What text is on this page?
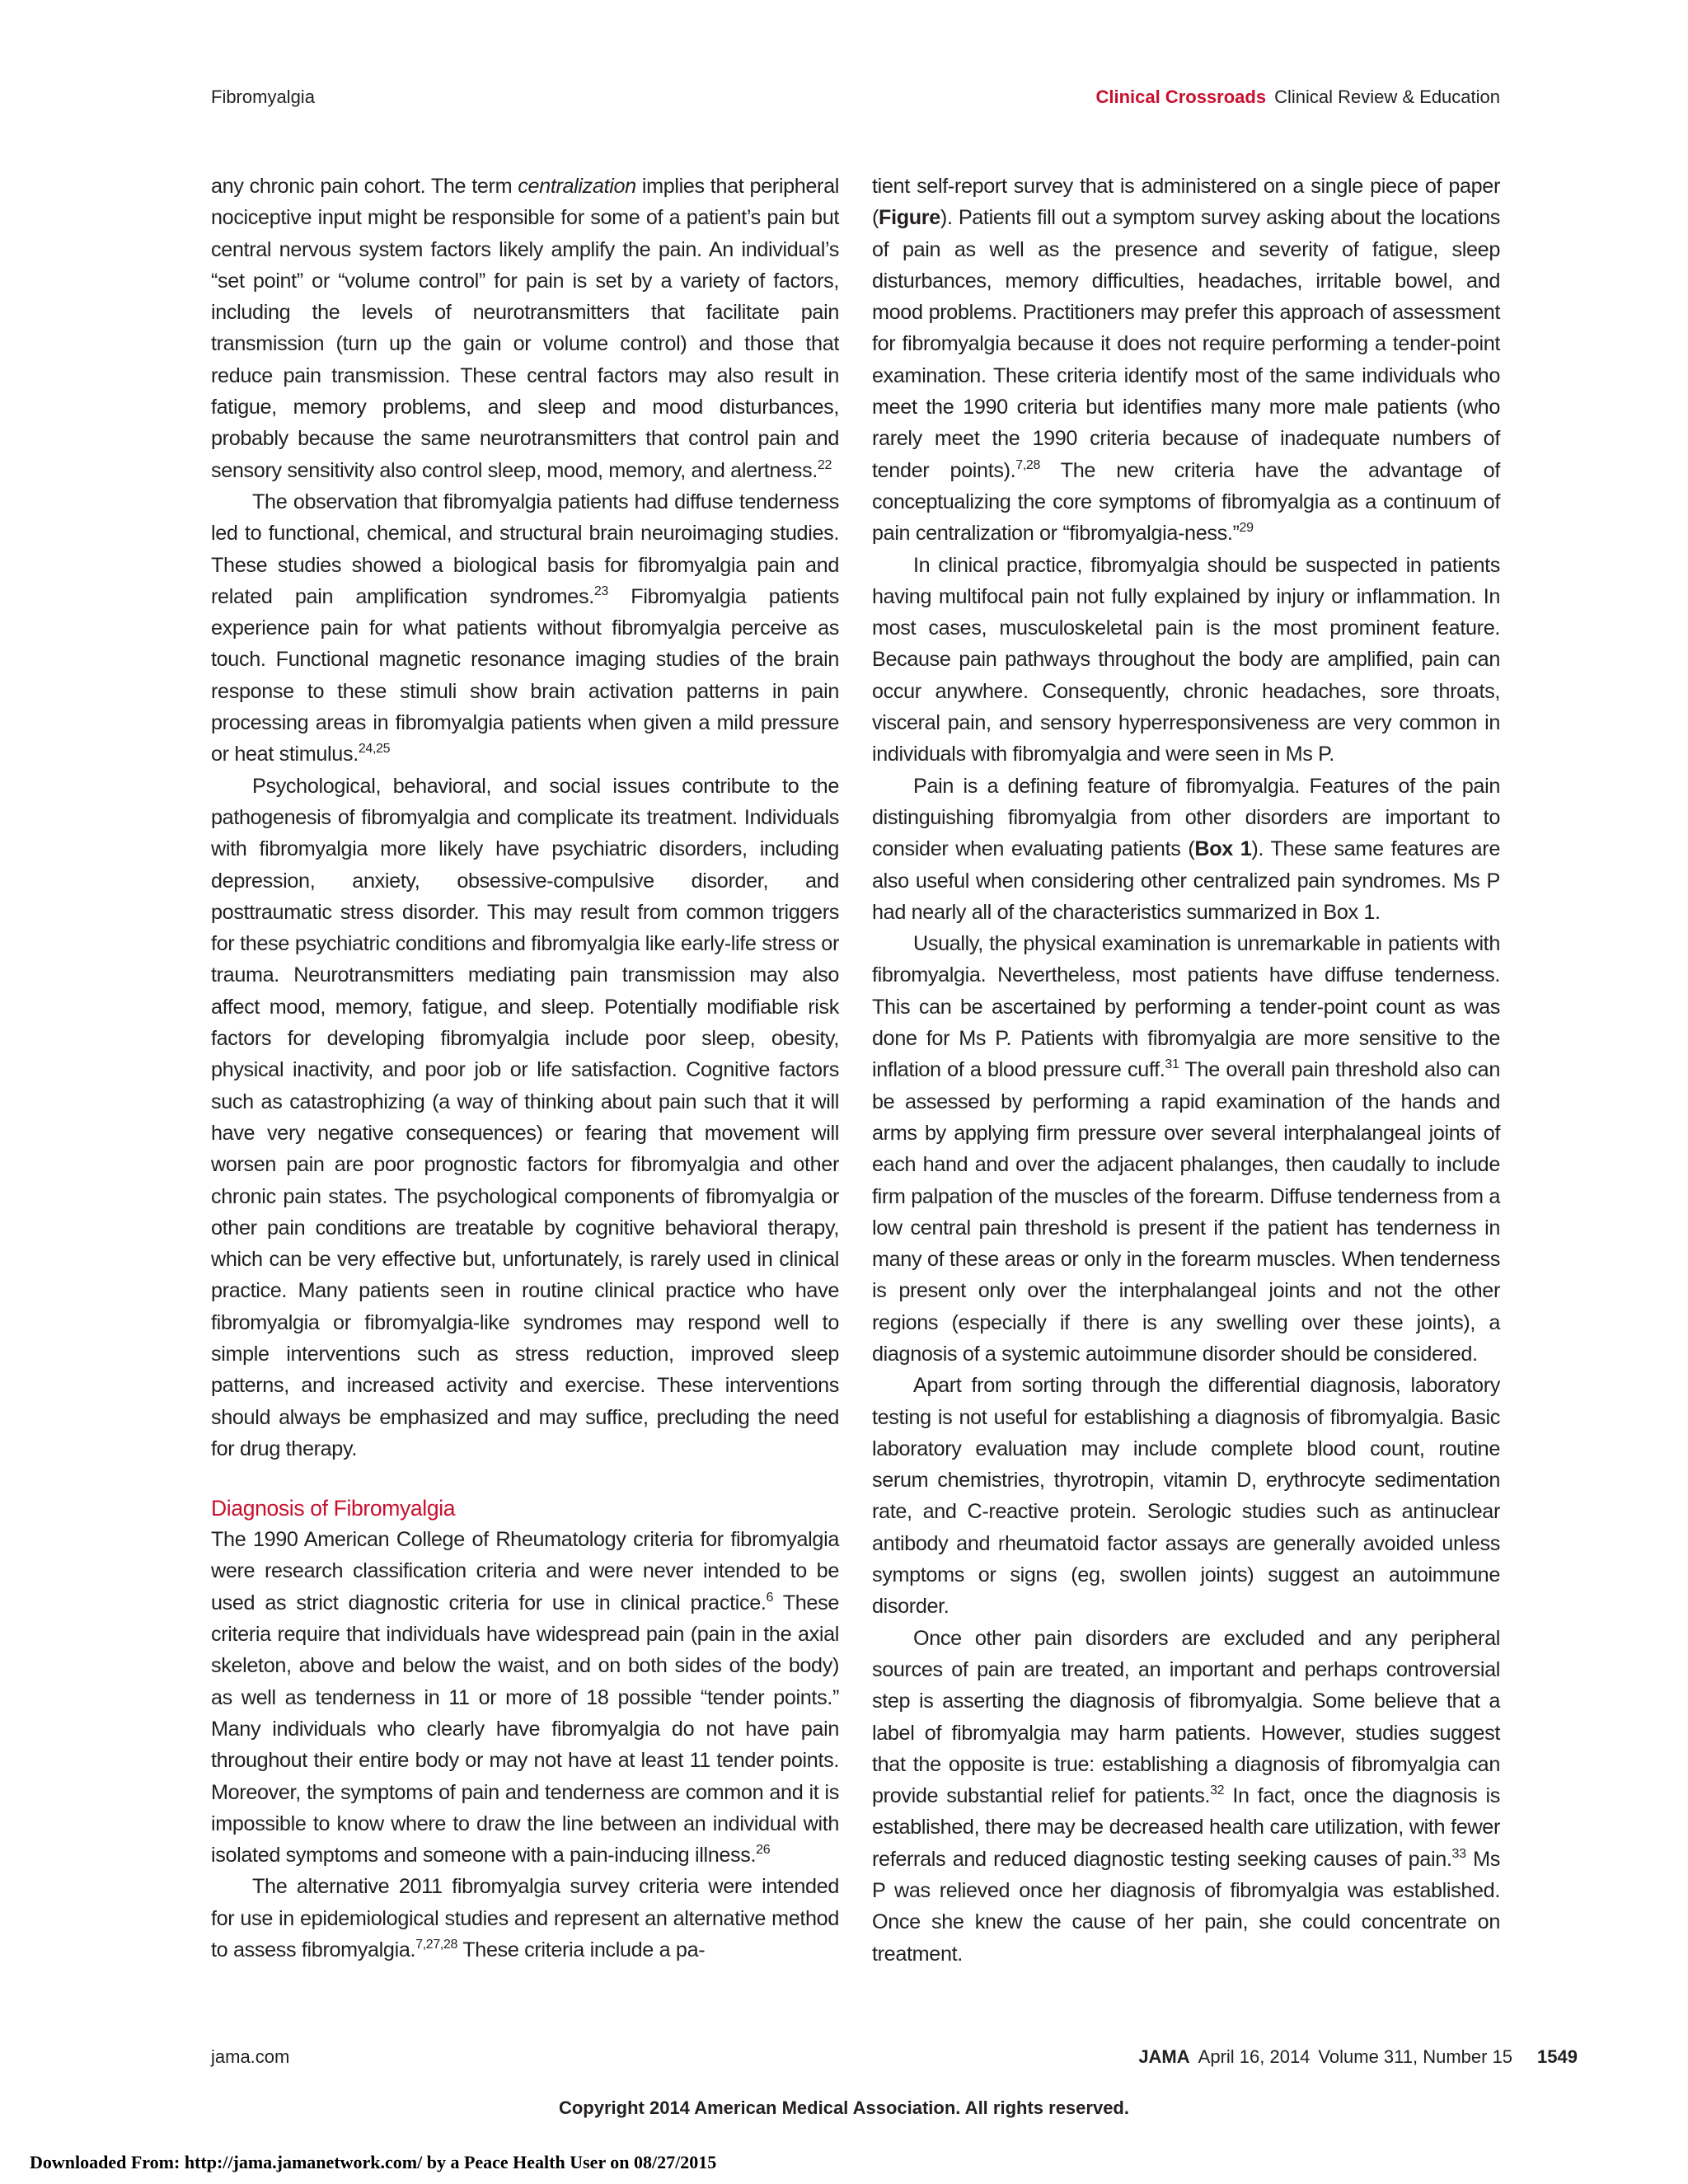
Fibromyalgia	Clinical Crossroads Clinical Review & Education

any chronic pain cohort. The term centralization implies that peripheral nociceptive input might be responsible for some of a patient’s pain but central nervous system factors likely amplify the pain. An individual’s “set point” or “volume control” for pain is set by a variety of factors, including the levels of neurotransmitters that facilitate pain transmission (turn up the gain or volume control) and those that reduce pain transmission. These central factors may also result in fatigue, memory problems, and sleep and mood disturbances, probably because the same neurotransmitters that control pain and sensory sensitivity also control sleep, mood, memory, and alertness.$^{22}$

The observation that fibromyalgia patients had diffuse tenderness led to functional, chemical, and structural brain neuroimaging studies. These studies showed a biological basis for fibromyalgia pain and related pain amplification syndromes.$^{23}$ Fibromyalgia patients experience pain for what patients without fibromyalgia perceive as touch. Functional magnetic resonance imaging studies of the brain response to these stimuli show brain activation patterns in pain processing areas in fibromyalgia patients when given a mild pressure or heat stimulus.$^{24,25}$

Psychological, behavioral, and social issues contribute to the pathogenesis of fibromyalgia and complicate its treatment. Individuals with fibromyalgia more likely have psychiatric disorders, including depression, anxiety, obsessive-compulsive disorder, and posttraumatic stress disorder. This may result from common triggers for these psychiatric conditions and fibromyalgia like early-life stress or trauma. Neurotransmitters mediating pain transmission may also affect mood, memory, fatigue, and sleep. Potentially modifiable risk factors for developing fibromyalgia include poor sleep, obesity, physical inactivity, and poor job or life satisfaction. Cognitive factors such as catastrophizing (a way of thinking about pain such that it will have very negative consequences) or fearing that movement will worsen pain are poor prognostic factors for fibromyalgia and other chronic pain states. The psychological components of fibromyalgia or other pain conditions are treatable by cognitive behavioral therapy, which can be very effective but, unfortunately, is rarely used in clinical practice. Many patients seen in routine clinical practice who have fibromyalgia or fibromyalgia-like syndromes may respond well to simple interventions such as stress reduction, improved sleep patterns, and increased activity and exercise. These interventions should always be emphasized and may suffice, precluding the need for drug therapy.

Diagnosis of Fibromyalgia

The 1990 American College of Rheumatology criteria for fibromyalgia were research classification criteria and were never intended to be used as strict diagnostic criteria for use in clinical practice.$^6$ These criteria require that individuals have widespread pain (pain in the axial skeleton, above and below the waist, and on both sides of the body) as well as tenderness in 11 or more of 18 possible “tender points.” Many individuals who clearly have fibromyalgia do not have pain throughout their entire body or may not have at least 11 tender points. Moreover, the symptoms of pain and tenderness are common and it is impossible to know where to draw the line between an individual with isolated symptoms and someone with a pain-inducing illness.$^{26}$

The alternative 2011 fibromyalgia survey criteria were intended for use in epidemiological studies and represent an alternative method to assess fibromyalgia.$^{7,27,28}$ These criteria include a pa-

tient self-report survey that is administered on a single piece of paper (Figure). Patients fill out a symptom survey asking about the locations of pain as well as the presence and severity of fatigue, sleep disturbances, memory difficulties, headaches, irritable bowel, and mood problems. Practitioners may prefer this approach of assessment for fibromyalgia because it does not require performing a tender-point examination. These criteria identify most of the same individuals who meet the 1990 criteria but identifies many more male patients (who rarely meet the 1990 criteria because of inadequate numbers of tender points).$^{7,28}$ The new criteria have the advantage of conceptualizing the core symptoms of fibromyalgia as a continuum of pain centralization or “fibromyalgia-ness.”$^{29}$

In clinical practice, fibromyalgia should be suspected in patients having multifocal pain not fully explained by injury or inflammation. In most cases, musculoskeletal pain is the most prominent feature. Because pain pathways throughout the body are amplified, pain can occur anywhere. Consequently, chronic headaches, sore throats, visceral pain, and sensory hyperresponsiveness are very common in individuals with fibromyalgia and were seen in Ms P.

Pain is a defining feature of fibromyalgia. Features of the pain distinguishing fibromyalgia from other disorders are important to consider when evaluating patients (Box 1). These same features are also useful when considering other centralized pain syndromes. Ms P had nearly all of the characteristics summarized in Box 1.

Usually, the physical examination is unremarkable in patients with fibromyalgia. Nevertheless, most patients have diffuse tenderness. This can be ascertained by performing a tender-point count as was done for Ms P. Patients with fibromyalgia are more sensitive to the inflation of a blood pressure cuff.$^{31}$ The overall pain threshold also can be assessed by performing a rapid examination of the hands and arms by applying firm pressure over several interphalangeal joints of each hand and over the adjacent phalanges, then caudally to include firm palpation of the muscles of the forearm. Diffuse tenderness from a low central pain threshold is present if the patient has tenderness in many of these areas or only in the forearm muscles. When tenderness is present only over the interphalangeal joints and not the other regions (especially if there is any swelling over these joints), a diagnosis of a systemic autoimmune disorder should be considered.

Apart from sorting through the differential diagnosis, laboratory testing is not useful for establishing a diagnosis of fibromyalgia. Basic laboratory evaluation may include complete blood count, routine serum chemistries, thyrotropin, vitamin D, erythrocyte sedimentation rate, and C-reactive protein. Serologic studies such as antinuclear antibody and rheumatoid factor assays are generally avoided unless symptoms or signs (eg, swollen joints) suggest an autoimmune disorder.

Once other pain disorders are excluded and any peripheral sources of pain are treated, an important and perhaps controversial step is asserting the diagnosis of fibromyalgia. Some believe that a label of fibromyalgia may harm patients. However, studies suggest that the opposite is true: establishing a diagnosis of fibromyalgia can provide substantial relief for patients.$^{32}$ In fact, once the diagnosis is established, there may be decreased health care utilization, with fewer referrals and reduced diagnostic testing seeking causes of pain.$^{33}$ Ms P was relieved once her diagnosis of fibromyalgia was established. Once she knew the cause of her pain, she could concentrate on treatment.

jama.com	JAMA April 16, 2014 Volume 311, Number 15 1549
Copyright 2014 American Medical Association. All rights reserved.
Downloaded From: http://jama.jamanetwork.com/ by a Peace Health User on 08/27/2015
